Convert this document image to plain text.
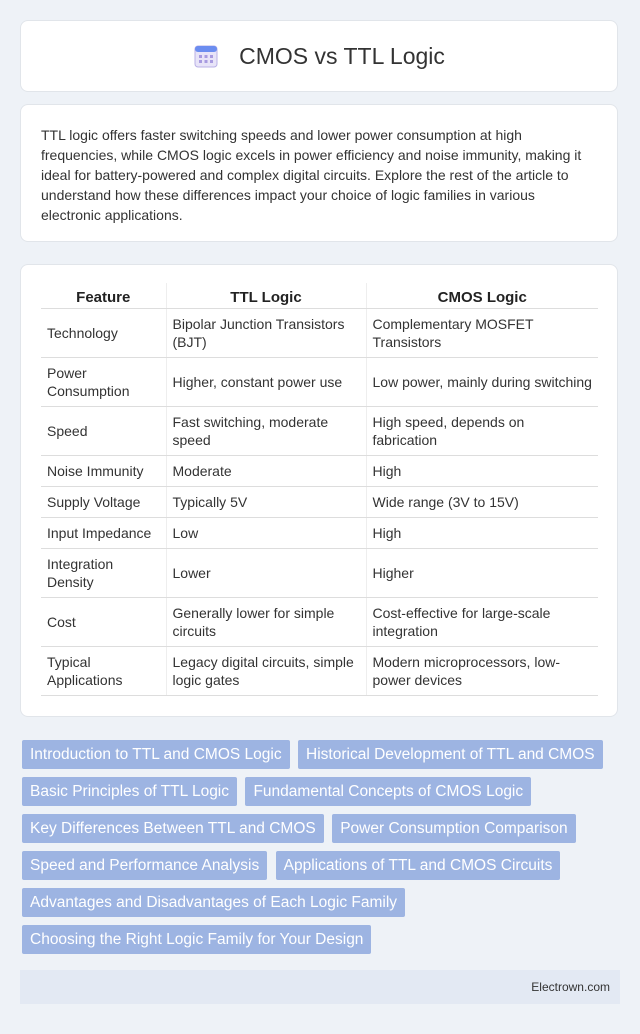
CMOS vs TTL Logic

TTL logic offers faster switching speeds and lower power consumption at high frequencies, while CMOS logic excels in power efficiency and noise immunity, making it ideal for battery-powered and complex digital circuits. Explore the rest of the article to understand how these differences impact your choice of logic families in various electronic applications.

Feature	TTL Logic	CMOS Logic
Technology	Bipolar Junction Transistors (BJT)	Complementary MOSFET Transistors
Power Consumption	Higher, constant power use	Low power, mainly during switching
Speed	Fast switching, moderate speed	High speed, depends on fabrication
Noise Immunity	Moderate	High
Supply Voltage	Typically 5V	Wide range (3V to 15V)
Input Impedance	Low	High
Integration Density	Lower	Higher
Cost	Generally lower for simple circuits	Cost-effective for large-scale integration
Typical Applications	Legacy digital circuits, simple logic gates	Modern microprocessors, low-power devices
Introduction to TTL and CMOS Logic Historical Development of TTL and CMOS Basic Principles of TTL Logic Fundamental Concepts of CMOS Logic Key Differences Between TTL and CMOS Power Consumption Comparison Speed and Performance Analysis Applications of TTL and CMOS Circuits Advantages and Disadvantages of Each Logic Family Choosing the Right Logic Family for Your Design
Electrown.com
